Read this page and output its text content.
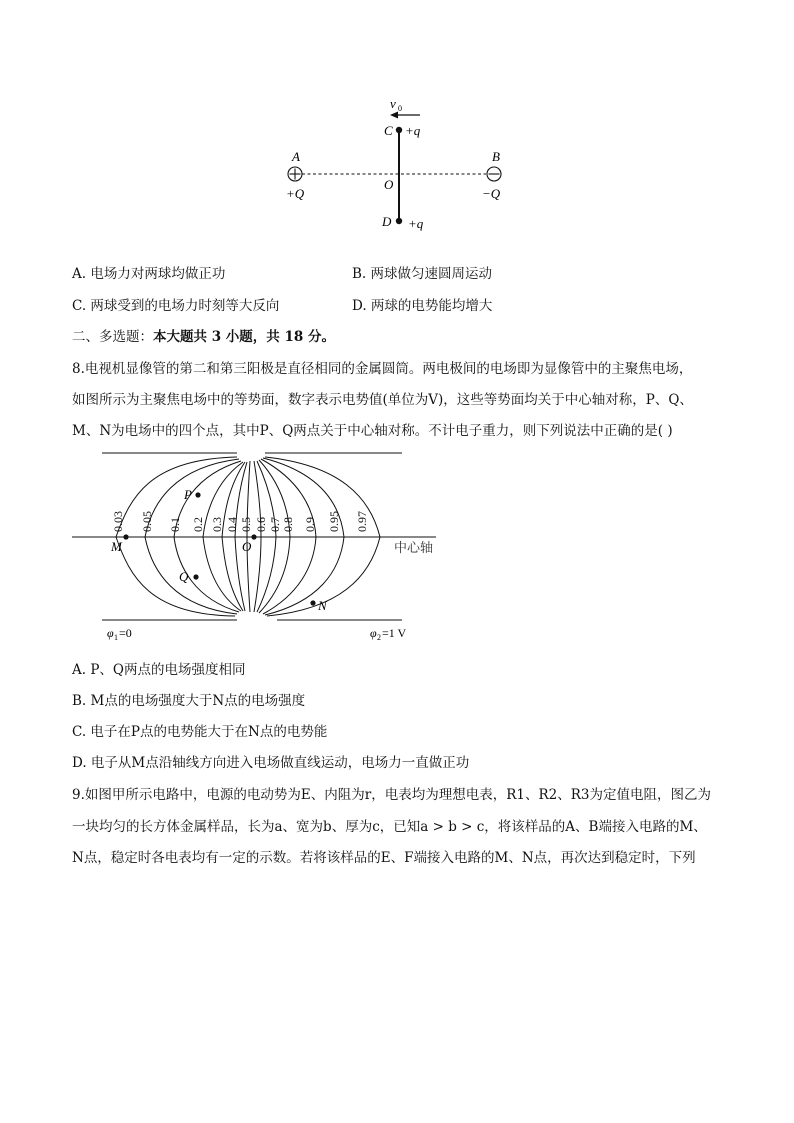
v 0
C +q
D +q
O
A
+Q
B
−Q
A. 电场力对两球均做正功	B. 两球做匀速圆周运动
C. 两球受到的电场力时刻等大反向	D. 两球的电势能均增大
二、多选题：本大题共 3 小题，共 18 分。
8.电视机显像管的第二和第三阳极是直径相同的金属圆筒。两电极间的电场即为显像管中的主聚焦电场，
如图所示为主聚焦电场中的等势面，数字表示电势值(单位为V)，这些等势面均关于中心轴对称，P、Q、
M、N为电场中的四个点，其中P、Q两点关于中心轴对称。不计电子重力，则下列说法中正确的是( )
0.03 0.05 0.1 0.2 0.3 0.4 0.5 0.6 0.7 0.8 0.9 0.95 0.97
P
Q
M	O
N
中心轴
φ 1 =0	φ 2 =1 V
A. P、Q两点的电场强度相同
B. M点的电场强度大于N点的电场强度
C. 电子在P点的电势能大于在N点的电势能
D. 电子从M点沿轴线方向进入电场做直线运动，电场力一直做正功
9.如图甲所示电路中，电源的电动势为E、内阻为r，电表均为理想电表，R1、R2、R3为定值电阻，图乙为
一块均匀的长方体金属样品，长为a、宽为b、厚为c，已知a > b > c，将该样品的A、B端接入电路的M、
N点，稳定时各电表均有一定的示数。若将该样品的E、F端接入电路的M、N点，再次达到稳定时，下列
